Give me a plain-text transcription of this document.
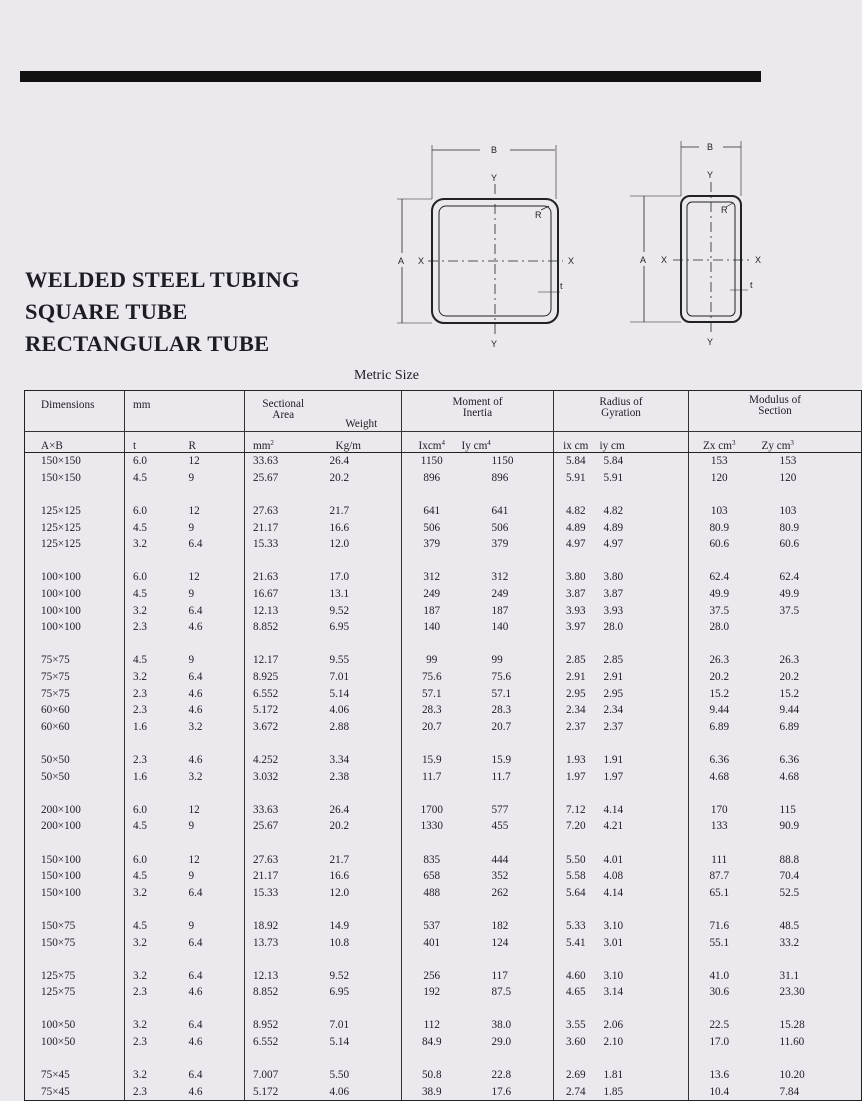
WELDED STEEL TUBING
SQUARE TUBE
RECTANGULAR TUBE
B
A X	X
Y
Y
R
t
B
A X	X
Y
Y
R
t
Metric Size
Dimensions	mm		Sectional Area	Weight	Moment of Inertia		Radius of Gyration		Modulus of Section	

A×B	t	R	$mm^2$	Kg/m	Ixcm$^4$	Iy $cm^4$	ix cm	iy cm	Zx $cm^3$	Zy $cm^3$
150×150	6.0	12	33.63	26.4	1150	1150	5.84	5.84	153	153
150×150	4.5	9	25.67	20.2	896	896	5.91	5.91	120	120

125×125	6.0	12	27.63	21.7	641	641	4.82	4.82	103	103
125×125	4.5	9	21.17	16.6	506	506	4.89	4.89	80.9	80.9
125×125	3.2	6.4	15.33	12.0	379	379	4.97	4.97	60.6	60.6

100×100	6.0	12	21.63	17.0	312	312	3.80	3.80	62.4	62.4
100×100	4.5	9	16.67	13.1	249	249	3.87	3.87	49.9	49.9
100×100	3.2	6.4	12.13	9.52	187	187	3.93	3.93	37.5	37.5
100×100	2.3	4.6	8.852	6.95	140	140	3.97	28.0	28.0	

75×75	4.5	9	12.17	9.55	99	99	2.85	2.85	26.3	26.3
75×75	3.2	6.4	8.925	7.01	75.6	75.6	2.91	2.91	20.2	20.2
75×75	2.3	4.6	6.552	5.14	57.1	57.1	2.95	2.95	15.2	15.2
60×60	2.3	4.6	5.172	4.06	28.3	28.3	2.34	2.34	9.44	9.44
60×60	1.6	3.2	3.672	2.88	20.7	20.7	2.37	2.37	6.89	6.89

50×50	2.3	4.6	4.252	3.34	15.9	15.9	1.93	1.91	6.36	6.36
50×50	1.6	3.2	3.032	2.38	11.7	11.7	1.97	1.97	4.68	4.68

200×100	6.0	12	33.63	26.4	1700	577	7.12	4.14	170	115
200×100	4.5	9	25.67	20.2	1330	455	7.20	4.21	133	90.9

150×100	6.0	12	27.63	21.7	835	444	5.50	4.01	111	88.8
150×100	4.5	9	21.17	16.6	658	352	5.58	4.08	87.7	70.4
150×100	3.2	6.4	15.33	12.0	488	262	5.64	4.14	65.1	52.5

150×75	4.5	9	18.92	14.9	537	182	5.33	3.10	71.6	48.5
150×75	3.2	6.4	13.73	10.8	401	124	5.41	3.01	55.1	33.2

125×75	3.2	6.4	12.13	9.52	256	117	4.60	3.10	41.0	31.1
125×75	2.3	4.6	8.852	6.95	192	87.5	4.65	3.14	30.6	23.30

100×50	3.2	6.4	8.952	7.01	112	38.0	3.55	2.06	22.5	15.28
100×50	2.3	4.6	6.552	5.14	84.9	29.0	3.60	2.10	17.0	11.60

75×45	3.2	6.4	7.007	5.50	50.8	22.8	2.69	1.81	13.6	10.20
75×45	2.3	4.6	5.172	4.06	38.9	17.6	2.74	1.85	10.4	7.84
